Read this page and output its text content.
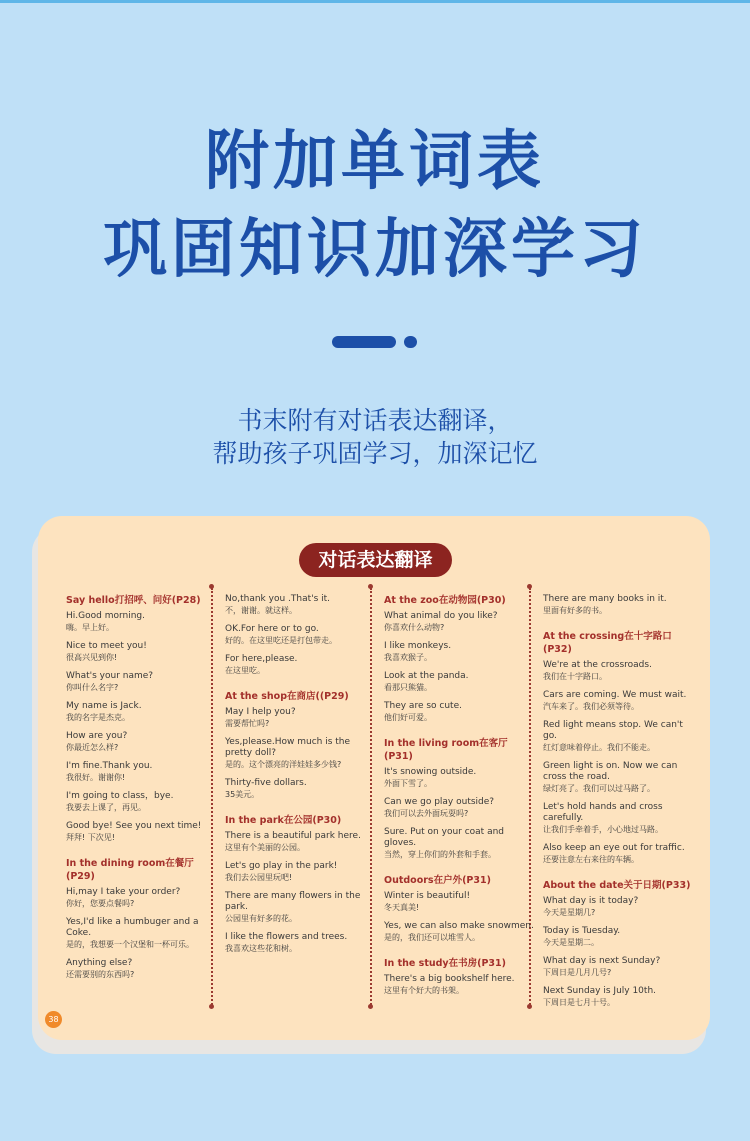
附加单词表
巩固知识加深学习
书末附有对话表达翻译，
帮助孩子巩固学习，加深记忆
对话表达翻译
Say hello打招呼、问好(P28)
Hi.Good morning.
嗨。早上好。
Nice to meet you!
很高兴见到你!
What's your name?
你叫什么名字?
My name is Jack.
我的名字是杰克。
How are you?
你最近怎么样?
I'm fine.Thank you.
我很好。谢谢你!
I'm going to class，bye.
我要去上课了，再见。
Good bye! See you next time!
拜拜! 下次见!
In the dining room在餐厅(P29)
Hi,may I take your order?
你好，您要点餐吗?
Yes,I'd like a humbuger and a Coke.
是的，我想要一个汉堡和一杯可乐。
Anything else?
还需要别的东西吗?
No,thank you .That's it.
不，谢谢。就这样。
OK.For here or to go.
好的。在这里吃还是打包带走。
For here,please.
在这里吃。
At the shop在商店((P29)
May I help you?
需要帮忙吗?
Yes,please.How much is the pretty doll?
是的。这个漂亮的洋娃娃多少钱?
Thirty-five dollars.
35美元。
In the park在公园(P30)
There is a beautiful park here.
这里有个美丽的公园。
Let's go play in the park!
我们去公园里玩吧!
There are many flowers in the park.
公园里有好多的花。
I like the flowers and trees.
我喜欢这些花和树。
At the zoo在动物园(P30)
What animal do you like?
你喜欢什么动物?
I like monkeys.
我喜欢猴子。
Look at the panda.
看那只熊猫。
They are so cute.
他们好可爱。
In the living room在客厅(P31)
It's snowing outside.
外面下雪了。
Can we go play outside?
我们可以去外面玩耍吗?
Sure. Put on your coat and gloves.
当然，穿上你们的外套和手套。
Outdoors在户外(P31)
Winter is beautiful!
冬天真美!
Yes, we can also make snowmen.
是的，我们还可以堆雪人。
In the study在书房(P31)
There's a big bookshelf here.
这里有个好大的书架。
There are many books in it.
里面有好多的书。
At the crossing在十字路口(P32)
We're at the crossroads.
我们在十字路口。
Cars are coming. We must wait.
汽车来了。我们必须等待。
Red light means stop. We can't go.
红灯意味着停止。我们不能走。
Green light is on. Now we can cross the road.
绿灯亮了。我们可以过马路了。
Let's hold hands and cross carefully.
让我们手牵着手，小心地过马路。
Also keep an eye out for traffic.
还要注意左右来往的车辆。
About the date关于日期(P33)
What day is it today?
今天是星期几?
Today is Tuesday.
今天是星期二。
What day is next Sunday?
下周日是几月几号?
Next Sunday is July 10th.
下周日是七月十号。
38
